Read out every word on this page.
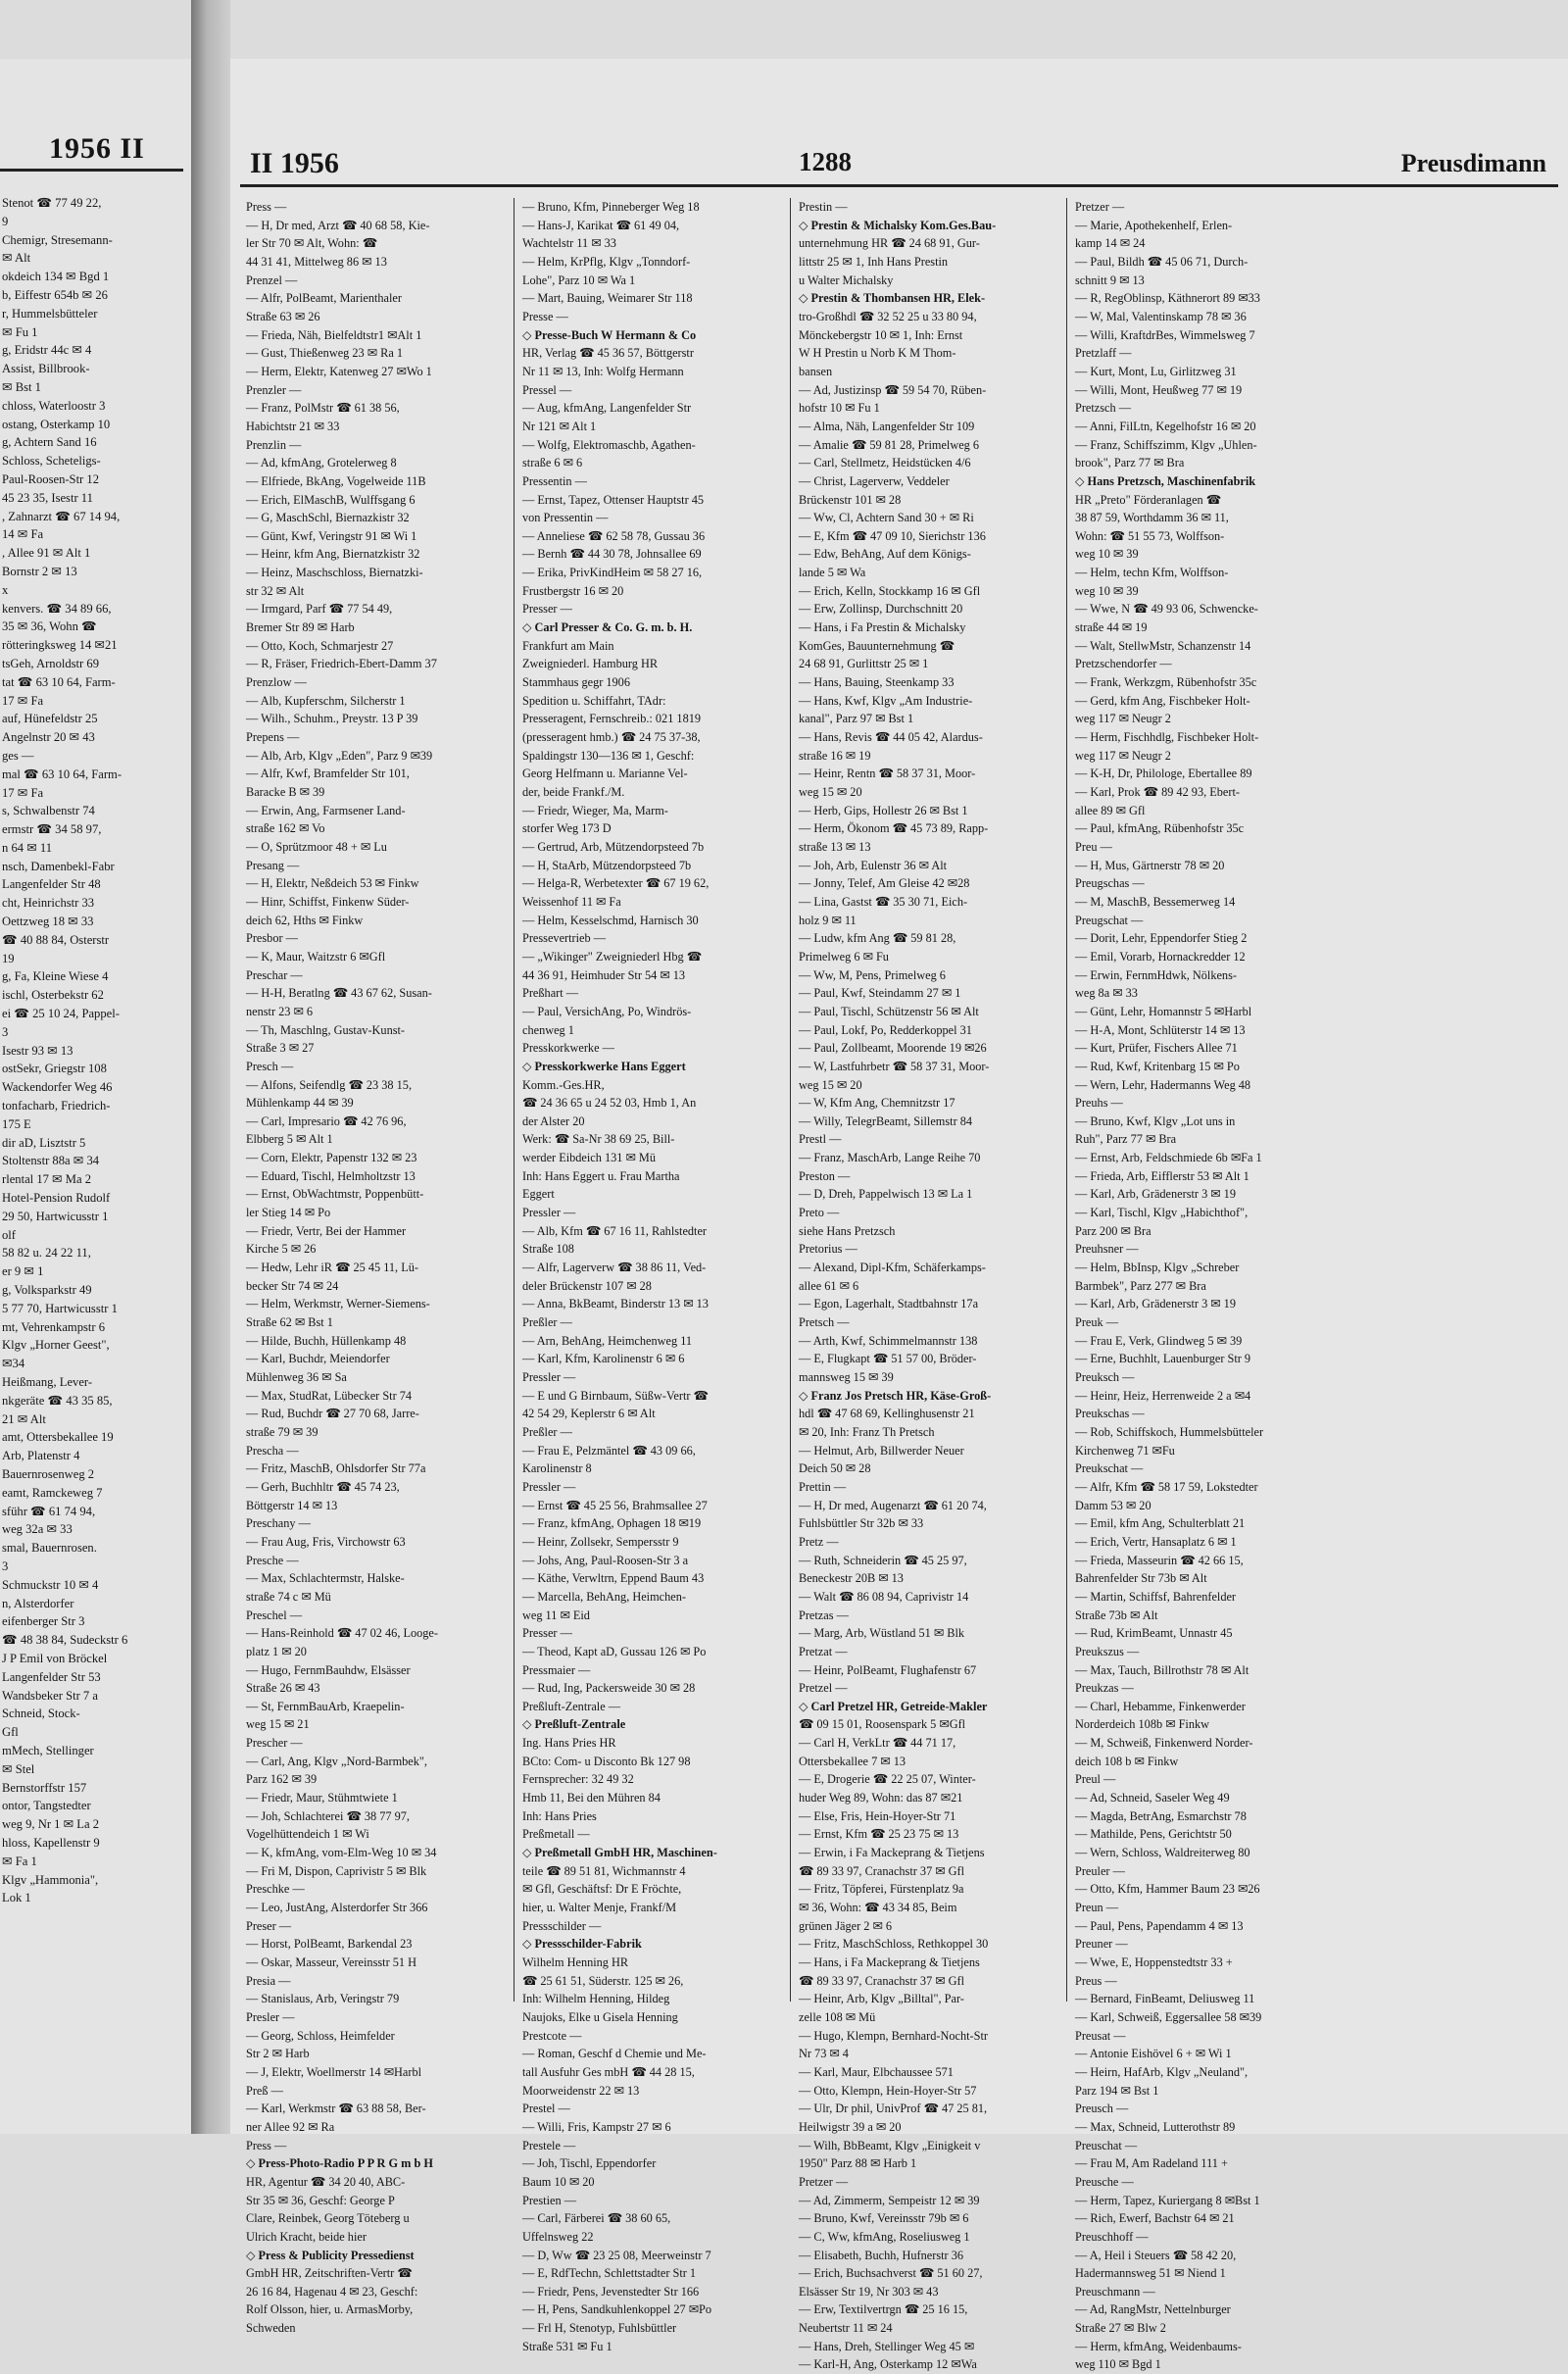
1956 II
Stenot ☎ 77 49 22,
9
Chemigr, Stresemann-
✉ Alt
okdeich 134 ✉ Bgd 1
b, Eiffestr 654b ✉ 26
r, Hummelsbütteler
✉ Fu 1
g, Eridstr 44c ✉ 4
Assist, Billbrook-
✉ Bst 1
chloss, Waterloostr 3
ostang, Osterkamp 10
g, Achtern Sand 16
Schloss, Scheteligs-
Paul-Roosen-Str 12
45 23 35, Isestr 11
, Zahnarzt ☎ 67 14 94,
14 ✉ Fa
, Allee 91 ✉ Alt 1
Bornstr 2 ✉ 13
x
kenvers. ☎ 34 89 66,
35 ✉ 36, Wohn ☎
rötteringksweg 14 ✉21
tsGeh, Arnoldstr 69
tat ☎ 63 10 64, Farm-
17 ✉ Fa
auf, Hünefeldstr 25
Angelnstr 20 ✉ 43
ges —
mal ☎ 63 10 64, Farm-
17 ✉ Fa
s, Schwalbenstr 74
ermstr ☎ 34 58 97,
n 64 ✉ 11
nsch, Damenbekl-Fabr
Langenfelder Str 48
cht, Heinrichstr 33
Oettzweg 18 ✉ 33
☎ 40 88 84, Osterstr
19
g, Fa, Kleine Wiese 4
ischl, Osterbekstr 62
ei ☎ 25 10 24, Pappel-
3
Isestr 93 ✉ 13
ostSekr, Griegstr 108
Wackendorfer Weg 46
tonfacharb, Friedrich-
175 E
dir aD, Lisztstr 5
Stoltenstr 88a ✉ 34
rlental 17 ✉ Ma 2
Hotel-Pension Rudolf
29 50, Hartwicusstr 1
olf
58 82 u. 24 22 11,
er 9 ✉ 1
g, Volksparkstr 49
5 77 70, Hartwicusstr 1
mt, Vehrenkampstr 6
Klgv „Horner Geest",
✉34
Heißmang, Lever-
nkgeräte ☎ 43 35 85,
21 ✉ Alt
amt, Ottersbekallee 19
Arb, Platenstr 4
Bauernrosenweg 2
eamt, Ramckeweg 7
sführ ☎ 61 74 94,
weg 32a ✉ 33
smal, Bauernrosen.
3
Schmuckstr 10 ✉ 4
n, Alsterdorfer
eifenberger Str 3
☎ 48 38 84, Sudeckstr 6
J P Emil von Bröckel
Langenfelder Str 53
Wandsbeker Str 7 a
Schneid, Stock-
Gfl
mMech, Stellinger
✉ Stel
Bernstorffstr 157
ontor, Tangstedter
weg 9, Nr 1 ✉ La 2
hloss, Kapellenstr 9
✉ Fa 1
Klgv „Hammonia",
Lok 1
II 1956	1288	Preusdimann
Press —
— H, Dr med, Arzt ☎ 40 68 58, Kie-
ler Str 70 ✉ Alt, Wohn: ☎
44 31 41, Mittelweg 86 ✉ 13
Prenzel —
— Alfr, PolBeamt, Marienthaler
Straße 63 ✉ 26
— Frieda, Näh, Bielfeldtstr1 ✉Alt 1
— Gust, Thießenweg 23 ✉ Ra 1
— Herm, Elektr, Katenweg 27 ✉Wo 1
Prenzler —
— Franz, PolMstr ☎ 61 38 56,
Habichtstr 21 ✉ 33
Prenzlin —
— Ad, kfmAng, Grotelerweg 8
— Elfriede, BkAng, Vogelweide 11B
— Erich, ElMaschB, Wulffsgang 6
— G, MaschSchl, Biernazkistr 32
— Günt, Kwf, Veringstr 91 ✉ Wi 1
— Heinr, kfm Ang, Biernatzkistr 32
— Heinz, Maschschloss, Biernatzki-
str 32 ✉ Alt
— Irmgard, Parf ☎ 77 54 49,
Bremer Str 89 ✉ Harb
— Otto, Koch, Schmarjestr 27
— R, Fräser, Friedrich-Ebert-Damm 37
Prenzlow —
— Alb, Kupferschm, Silcherstr 1
— Wilh., Schuhm., Preystr. 13 P 39
Prepens —
— Alb, Arb, Klgv „Eden", Parz 9 ✉39
— Alfr, Kwf, Bramfelder Str 101,
Baracke B ✉ 39
— Erwin, Ang, Farmsener Land-
straße 162 ✉ Vo
— O, Sprützmoor 48 + ✉ Lu
Presang —
— H, Elektr, Neßdeich 53 ✉ Finkw
— Hinr, Schiffst, Finkenw Süder-
deich 62, Hths ✉ Finkw
Presbor —
— K, Maur, Waitzstr 6 ✉Gfl
Preschar —
— H-H, Beratlng ☎ 43 67 62, Susan-
nenstr 23 ✉ 6
— Th, Maschlng, Gustav-Kunst-
Straße 3 ✉ 27
Presch —
— Alfons, Seifendlg ☎ 23 38 15,
Mühlenkamp 44 ✉ 39
— Carl, Impresario ☎ 42 76 96,
Elbberg 5 ✉ Alt 1
— Corn, Elektr, Papenstr 132 ✉ 23
— Eduard, Tischl, Helmholtzstr 13
— Ernst, ObWachtmstr, Poppenbütt-
ler Stieg 14 ✉ Po
— Friedr, Vertr, Bei der Hammer
Kirche 5 ✉ 26
— Hedw, Lehr iR ☎ 25 45 11, Lü-
becker Str 74 ✉ 24
— Helm, Werkmstr, Werner-Siemens-
Straße 62 ✉ Bst 1
— Hilde, Buchh, Hüllenkamp 48
— Karl, Buchdr, Meiendorfer
Mühlenweg 36 ✉ Sa
— Max, StudRat, Lübecker Str 74
— Rud, Buchdr ☎ 27 70 68, Jarre-
straße 79 ✉ 39
Prescha —
— Fritz, MaschB, Ohlsdorfer Str 77a
— Gerh, Buchhltr ☎ 45 74 23,
Böttgerstr 14 ✉ 13
Preschany —
— Frau Aug, Fris, Virchowstr 63
Presche —
— Max, Schlachtermstr, Halske-
straße 74 c ✉ Mü
Preschel —
— Hans-Reinhold ☎ 47 02 46, Looge-
platz 1 ✉ 20
— Hugo, FernmBauhdw, Elsässer
Straße 26 ✉ 43
— St, FernmBauArb, Kraepelin-
weg 15 ✉ 21
Prescher —
— Carl, Ang, Klgv „Nord-Barmbek",
Parz 162 ✉ 39
— Friedr, Maur, Stühmtwiete 1
— Joh, Schlachterei ☎ 38 77 97,
Vogelhüttendeich 1 ✉ Wi
— K, kfmAng, vom-Elm-Weg 10 ✉ 34
— Fri M, Dispon, Caprivistr 5 ✉ Blk
Preschke —
— Leo, JustAng, Alsterdorfer Str 366
Preser —
— Horst, PolBeamt, Barkendal 23
— Oskar, Masseur, Vereinsstr 51 H
Presia —
— Stanislaus, Arb, Veringstr 79
Presler —
— Georg, Schloss, Heimfelder
Str 2 ✉ Harb
— J, Elektr, Woellmerstr 14 ✉Harbl
Preß —
— Karl, Werkmstr ☎ 63 88 58, Ber-
ner Allee 92 ✉ Ra
Press —
◇ Press-Photo-Radio P P R G m b H
HR, Agentur ☎ 34 20 40, ABC-
Str 35 ✉ 36, Geschf: George P
Clare, Reinbek, Georg Töteberg u
Ulrich Kracht, beide hier
◇ Press & Publicity Pressedienst
GmbH HR, Zeitschriften-Vertr ☎
26 16 84, Hagenau 4 ✉ 23, Geschf:
Rolf Olsson, hier, u. ArmasMorby,
Schweden
— Bruno, Kfm, Pinneberger Weg 18
— Hans-J, Karikat ☎ 61 49 04,
Wachtelstr 11 ✉ 33
— Helm, KrPflg, Klgv „Tonndorf-
Lohe", Parz 10 ✉ Wa 1
— Mart, Bauing, Weimarer Str 118
Presse —
◇ Presse-Buch W Hermann & Co
HR, Verlag ☎ 45 36 57, Böttgerstr
Nr 11 ✉ 13, Inh: Wolfg Hermann
Pressel —
— Aug, kfmAng, Langenfelder Str
Nr 121 ✉ Alt 1
— Wolfg, Elektromaschb, Agathen-
straße 6 ✉ 6
Pressentin —
— Ernst, Tapez, Ottenser Hauptstr 45
von Pressentin —
— Anneliese ☎ 62 58 78, Gussau 36
— Bernh ☎ 44 30 78, Johnsallee 69
— Erika, PrivKindHeim ✉ 58 27 16,
Frustbergstr 16 ✉ 20
Presser —
◇ Carl Presser & Co. G. m. b. H.
Frankfurt am Main
Zweigniederl. Hamburg HR
Stammhaus gegr 1906
Spedition u. Schiffahrt, TAdr:
Presseragent, Fernschreib.: 021 1819
(presseragent hmb.) ☎ 24 75 37-38,
Spaldingstr 130—136 ✉ 1, Geschf:
Georg Helfmann u. Marianne Vel-
der, beide Frankf./M.
— Friedr, Wieger, Ma, Marm-
storfer Weg 173 D
— Gertrud, Arb, Mützendorpsteed 7b
— H, StaArb, Mützendorpsteed 7b
— Helga-R, Werbetexter ☎ 67 19 62,
Weissenhof 11 ✉ Fa
— Helm, Kesselschmd, Harnisch 30
Pressevertrieb —
— „Wikinger" Zweigniederl Hbg ☎
44 36 91, Heimhuder Str 54 ✉ 13
Preßhart —
— Paul, VersichAng, Po, Windrös-
chenweg 1
Presskorkwerke —
◇ Presskorkwerke Hans Eggert
Komm.-Ges.HR,
☎ 24 36 65 u 24 52 03, Hmb 1, An
der Alster 20
Werk: ☎ Sa-Nr 38 69 25, Bill-
werder Eibdeich 131 ✉ Mü
Inh: Hans Eggert u. Frau Martha
Eggert
Pressler —
— Alb, Kfm ☎ 67 16 11, Rahlstedter
Straße 108
— Alfr, Lagerverw ☎ 38 86 11, Ved-
deler Brückenstr 107 ✉ 28
— Anna, BkBeamt, Binderstr 13 ✉ 13
Preßler —
— Arn, BehAng, Heimchenweg 11
— Karl, Kfm, Karolinenstr 6 ✉ 6
Pressler —
— E und G Birnbaum, Süßw-Vertr ☎
42 54 29, Keplerstr 6 ✉ Alt
Preßler —
— Frau E, Pelzmäntel ☎ 43 09 66,
Karolinenstr 8
Pressler —
— Ernst ☎ 45 25 56, Brahmsallee 27
— Franz, kfmAng, Ophagen 18 ✉19
— Heinr, Zollsekr, Sempersstr 9
— Johs, Ang, Paul-Roosen-Str 3 a
— Käthe, Verwltrn, Eppend Baum 43
— Marcella, BehAng, Heimchen-
weg 11 ✉ Eid
Presser —
— Theod, Kapt aD, Gussau 126 ✉ Po
Pressmaier —
— Rud, Ing, Packersweide 30 ✉ 28
Preßluft-Zentrale —
◇ Preßluft-Zentrale
Ing. Hans Pries HR
BCto: Com- u Disconto Bk 127 98
Fernsprecher: 32 49 32
Hmb 11, Bei den Mühren 84
Inh: Hans Pries
Preßmetall —
◇ Preßmetall GmbH HR, Maschinen-
teile ☎ 89 51 81, Wichmannstr 4
✉ Gfl, Geschäftsf: Dr E Fröchte,
hier, u. Walter Menje, Frankf/M
Pressschilder —
◇ Pressschilder-Fabrik
Wilhelm Henning HR
☎ 25 61 51, Süderstr. 125 ✉ 26,
Inh: Wilhelm Henning, Hildeg
Naujoks, Elke u Gisela Henning
Prestcote —
— Roman, Geschf d Chemie und Me-
tall Ausfuhr Ges mbH ☎ 44 28 15,
Moorweidenstr 22 ✉ 13
Prestel —
— Willi, Fris, Kampstr 27 ✉ 6
Prestele —
— Joh, Tischl, Eppendorfer
Baum 10 ✉ 20
Prestien —
— Carl, Färberei ☎ 38 60 65,
Uffelnsweg 22
— D, Ww ☎ 23 25 08, Meerweinstr 7
— E, RdfTechn, Schlettstadter Str 1
— Friedr, Pens, Jevenstedter Str 166
— H, Pens, Sandkuhlenkoppel 27 ✉Po
— Frl H, Stenotyp, Fuhlsbüttler
Straße 531 ✉ Fu 1
Prestin —
◇ Prestin & Michalsky Kom.Ges.Bau-
unternehmung HR ☎ 24 68 91, Gur-
littstr 25 ✉ 1, Inh Hans Prestin
u Walter Michalsky
◇ Prestin & Thombansen HR, Elek-
tro-Großhdl ☎ 32 52 25 u 33 80 94,
Mönckebergstr 10 ✉ 1, Inh: Ernst
W H Prestin u Norb K M Thom-
bansen
— Ad, Justizinsp ☎ 59 54 70, Rüben-
hofstr 10 ✉ Fu 1
— Alma, Näh, Langenfelder Str 109
— Amalie ☎ 59 81 28, Primelweg 6
— Carl, Stellmetz, Heidstücken 4/6
— Christ, Lagerverw, Veddeler
Brückenstr 101 ✉ 28
— Ww, Cl, Achtern Sand 30 + ✉ Ri
— E, Kfm ☎ 47 09 10, Sierichstr 136
— Edw, BehAng, Auf dem Königs-
lande 5 ✉ Wa
— Erich, Kelln, Stockkamp 16 ✉ Gfl
— Erw, Zollinsp, Durchschnitt 20
— Hans, i Fa Prestin & Michalsky
KomGes, Bauunternehmung ☎
24 68 91, Gurlittstr 25 ✉ 1
— Hans, Bauing, Steenkamp 33
— Hans, Kwf, Klgv „Am Industrie-
kanal", Parz 97 ✉ Bst 1
— Hans, Revis ☎ 44 05 42, Alardus-
straße 16 ✉ 19
— Heinr, Rentn ☎ 58 37 31, Moor-
weg 15 ✉ 20
— Herb, Gips, Hollestr 26 ✉ Bst 1
— Herm, Ökonom ☎ 45 73 89, Rapp-
straße 13 ✉ 13
— Joh, Arb, Eulenstr 36 ✉ Alt
— Jonny, Telef, Am Gleise 42 ✉28
— Lina, Gastst ☎ 35 30 71, Eich-
holz 9 ✉ 11
— Ludw, kfm Ang ☎ 59 81 28,
Primelweg 6 ✉ Fu
— Ww, M, Pens, Primelweg 6
— Paul, Kwf, Steindamm 27 ✉ 1
— Paul, Tischl, Schützenstr 56 ✉ Alt
— Paul, Lokf, Po, Redderkoppel 31
— Paul, Zollbeamt, Moorende 19 ✉26
— W, Lastfuhrbetr ☎ 58 37 31, Moor-
weg 15 ✉ 20
— W, Kfm Ang, Chemnitzstr 17
— Willy, TelegrBeamt, Sillemstr 84
Prestl —
— Franz, MaschArb, Lange Reihe 70
Preston —
— D, Dreh, Pappelwisch 13 ✉ La 1
Preto —
siehe Hans Pretzsch
Pretorius —
— Alexand, Dipl-Kfm, Schäferkamps-
allee 61 ✉ 6
— Egon, Lagerhalt, Stadtbahnstr 17a
Pretsch —
— Arth, Kwf, Schimmelmannstr 138
— E, Flugkapt ☎ 51 57 00, Bröder-
mannsweg 15 ✉ 39
◇ Franz Jos Pretsch HR, Käse-Groß-
hdl ☎ 47 68 69, Kellinghusenstr 21
✉ 20, Inh: Franz Th Pretsch
— Helmut, Arb, Billwerder Neuer
Deich 50 ✉ 28
Prettin —
— H, Dr med, Augenarzt ☎ 61 20 74,
Fuhlsbüttler Str 32b ✉ 33
Pretz —
— Ruth, Schneiderin ☎ 45 25 97,
Beneckestr 20B ✉ 13
— Walt ☎ 86 08 94, Caprivistr 14
Pretzas —
— Marg, Arb, Wüstland 51 ✉ Blk
Pretzat —
— Heinr, PolBeamt, Flughafenstr 67
Pretzel —
◇ Carl Pretzel HR, Getreide-Makler
☎ 09 15 01, Roosenspark 5 ✉Gfl
— Carl H, VerkLtr ☎ 44 71 17,
Ottersbekallee 7 ✉ 13
— E, Drogerie ☎ 22 25 07, Winter-
huder Weg 89, Wohn: das 87 ✉21
— Else, Fris, Hein-Hoyer-Str 71
— Ernst, Kfm ☎ 25 23 75 ✉ 13
— Erwin, i Fa Mackeprang & Tietjens
☎ 89 33 97, Cranachstr 37 ✉ Gfl
— Fritz, Töpferei, Fürstenplatz 9a
✉ 36, Wohn: ☎ 43 34 85, Beim
grünen Jäger 2 ✉ 6
— Fritz, MaschSchloss, Rethkoppel 30
— Hans, i Fa Mackeprang & Tietjens
☎ 89 33 97, Cranachstr 37 ✉ Gfl
— Heinr, Arb, Klgv „Billtal", Par-
zelle 108 ✉ Mü
— Hugo, Klempn, Bernhard-Nocht-Str
Nr 73 ✉ 4
— Karl, Maur, Elbchaussee 571
— Otto, Klempn, Hein-Hoyer-Str 57
— Ulr, Dr phil, UnivProf ☎ 47 25 81,
Heilwigstr 39 a ✉ 20
— Wilh, BbBeamt, Klgv „Einigkeit v
1950" Parz 88 ✉ Harb 1
Pretzer —
— Ad, Zimmerm, Sempeistr 12 ✉ 39
— Bruno, Kwf, Vereinsstr 79b ✉ 6
— C, Ww, kfmAng, Roseliusweg 1
— Elisabeth, Buchh, Hufnerstr 36
— Erich, Buchsachverst ☎ 51 60 27,
Elsässer Str 19, Nr 303 ✉ 43
— Erw, Textilvertrgn ☎ 25 16 15,
Neubertstr 11 ✉ 24
— Hans, Dreh, Stellinger Weg 45 ✉
— Karl-H, Ang, Osterkamp 12 ✉Wa
Pretzer —
— Marie, Apothekenhelf, Erlen-
kamp 14 ✉ 24
— Paul, Bildh ☎ 45 06 71, Durch-
schnitt 9 ✉ 13
— R, RegOblinsp, Käthnerort 89 ✉33
— W, Mal, Valentinskamp 78 ✉ 36
— Willi, KraftdrBes, Wimmelsweg 7
Pretzlaff —
— Kurt, Mont, Lu, Girlitzweg 31
— Willi, Mont, Heußweg 77 ✉ 19
Pretzsch —
— Anni, FilLtn, Kegelhofstr 16 ✉ 20
— Franz, Schiffszimm, Klgv „Uhlen-
brook", Parz 77 ✉ Bra
◇ Hans Pretzsch, Maschinenfabrik
HR „Preto" Förderanlagen ☎
38 87 59, Worthdamm 36 ✉ 11,
Wohn: ☎ 51 55 73, Wolffson-
weg 10 ✉ 39
— Helm, techn Kfm, Wolffson-
weg 10 ✉ 39
— Wwe, N ☎ 49 93 06, Schwencke-
straße 44 ✉ 19
— Walt, StellwMstr, Schanzenstr 14
Pretzschendorfer —
— Frank, Werkzgm, Rübenhofstr 35c
— Gerd, kfm Ang, Fischbeker Holt-
weg 117 ✉ Neugr 2
— Herm, Fischhdlg, Fischbeker Holt-
weg 117 ✉ Neugr 2
— K-H, Dr, Philologe, Ebertallee 89
— Karl, Prok ☎ 89 42 93, Ebert-
allee 89 ✉ Gfl
— Paul, kfmAng, Rübenhofstr 35c
Preu —
— H, Mus, Gärtnerstr 78 ✉ 20
Preugschas —
— M, MaschB, Bessemerweg 14
Preugschat —
— Dorit, Lehr, Eppendorfer Stieg 2
— Emil, Vorarb, Hornackredder 12
— Erwin, FernmHdwk, Nölkens-
weg 8a ✉ 33
— Günt, Lehr, Homannstr 5 ✉Harbl
— H-A, Mont, Schlüterstr 14 ✉ 13
— Kurt, Prüfer, Fischers Allee 71
— Rud, Kwf, Kritenbarg 15 ✉ Po
— Wern, Lehr, Hadermanns Weg 48
Preuhs —
— Bruno, Kwf, Klgv „Lot uns in
Ruh", Parz 77 ✉ Bra
— Ernst, Arb, Feldschmiede 6b ✉Fa 1
— Frieda, Arb, Eifflerstr 53 ✉ Alt 1
— Karl, Arb, Grädenerstr 3 ✉ 19
— Karl, Tischl, Klgv „Habichthof",
Parz 200 ✉ Bra
Preuhsner —
— Helm, BbInsp, Klgv „Schreber
Barmbek", Parz 277 ✉ Bra
— Karl, Arb, Grädenerstr 3 ✉ 19
Preuk —
— Frau E, Verk, Glindweg 5 ✉ 39
— Erne, Buchhlt, Lauenburger Str 9
Preuksch —
— Heinr, Heiz, Herrenweide 2 a ✉4
Preukschas —
— Rob, Schiffskoch, Hummelsbütteler
Kirchenweg 71 ✉Fu
Preukschat —
— Alfr, Kfm ☎ 58 17 59, Lokstedter
Damm 53 ✉ 20
— Emil, kfm Ang, Schulterblatt 21
— Erich, Vertr, Hansaplatz 6 ✉ 1
— Frieda, Masseurin ☎ 42 66 15,
Bahrenfelder Str 73b ✉ Alt
— Martin, Schiffsf, Bahrenfelder
Straße 73b ✉ Alt
— Rud, KrimBeamt, Unnastr 45
Preukszus —
— Max, Tauch, Billrothstr 78 ✉ Alt
Preukzas —
— Charl, Hebamme, Finkenwerder
Norderdeich 108b ✉ Finkw
— M, Schweiß, Finkenwerd Norder-
deich 108 b ✉ Finkw
Preul —
— Ad, Schneid, Saseler Weg 49
— Magda, BetrAng, Esmarchstr 78
— Mathilde, Pens, Gerichtstr 50
— Wern, Schloss, Waldreiterweg 80
Preuler —
— Otto, Kfm, Hammer Baum 23 ✉26
Preun —
— Paul, Pens, Papendamm 4 ✉ 13
Preuner —
— Wwe, E, Hoppenstedtstr 33 +
Preus —
— Bernard, FinBeamt, Deliusweg 11
— Karl, Schweiß, Eggersallee 58 ✉39
Preusat —
— Antonie Eishövel 6 + ✉ Wi 1
— Heirn, HafArb, Klgv „Neuland",
Parz 194 ✉ Bst 1
Preusch —
— Max, Schneid, Lutterothstr 89
Preuschat —
— Frau M, Am Radeland 111 +
Preusche —
— Herm, Tapez, Kuriergang 8 ✉Bst 1
— Rich, Ewerf, Bachstr 64 ✉ 21
Preuschhoff —
— A, Heil i Steuers ☎ 58 42 20,
Hadermannsweg 51 ✉ Niend 1
Preuschmann —
— Ad, RangMstr, Nettelnburger
Straße 27 ✉ Blw 2
— Herm, kfmAng, Weidenbaums-
weg 110 ✉ Bgd 1
